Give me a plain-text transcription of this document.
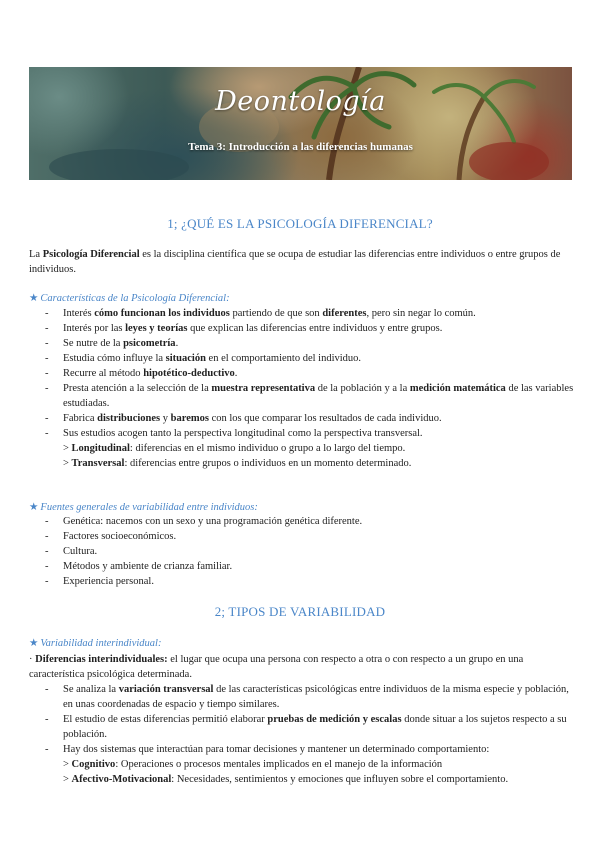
Deontología
Tema 3: Introducción a las diferencias humanas
1; ¿QUÉ ES LA PSICOLOGÍA DIFERENCIAL?
La Psicología Diferencial es la disciplina científica que se ocupa de estudiar las diferencias entre individuos o entre grupos de individuos.
★ Características de la Psicología Diferencial:
- Interés cómo funcionan los individuos partiendo de que son diferentes, pero sin negar lo común.
- Interés por las leyes y teorías que explican las diferencias entre individuos y entre grupos.
- Se nutre de la psicometría.
- Estudia cómo influye la situación en el comportamiento del individuo.
- Recurre al método hipotético-deductivo.
- Presta atención a la selección de la muestra representativa de la población y a la medición matemática de las variables estudiadas.
- Fabrica distribuciones y baremos con los que comparar los resultados de cada individuo.
- Sus estudios acogen tanto la perspectiva longitudinal como la perspectiva transversal.
> Longitudinal: diferencias en el mismo individuo o grupo a lo largo del tiempo.
> Transversal: diferencias entre grupos o individuos en un momento determinado.
★ Fuentes generales de variabilidad entre individuos:
- Genética: nacemos con un sexo y una programación genética diferente.
- Factores socioeconómicos.
- Cultura.
- Métodos y ambiente de crianza familiar.
- Experiencia personal.
2; TIPOS DE VARIABILIDAD
★ Variabilidad interindividual:
· Diferencias interindividuales: el lugar que ocupa una persona con respecto a otra o con respecto a un grupo en una característica psicológica determinada.
- Se analiza la variación transversal de las características psicológicas entre individuos de la misma especie y población, en unas coordenadas de espacio y tiempo similares.
- El estudio de estas diferencias permitió elaborar pruebas de medición y escalas donde situar a los sujetos respecto a su población.
- Hay dos sistemas que interactúan para tomar decisiones y mantener un determinado comportamiento:
> Cognitivo: Operaciones o procesos mentales implicados en el manejo de la información
> Afectivo-Motivacional: Necesidades, sentimientos y emociones que influyen sobre el comportamiento.
